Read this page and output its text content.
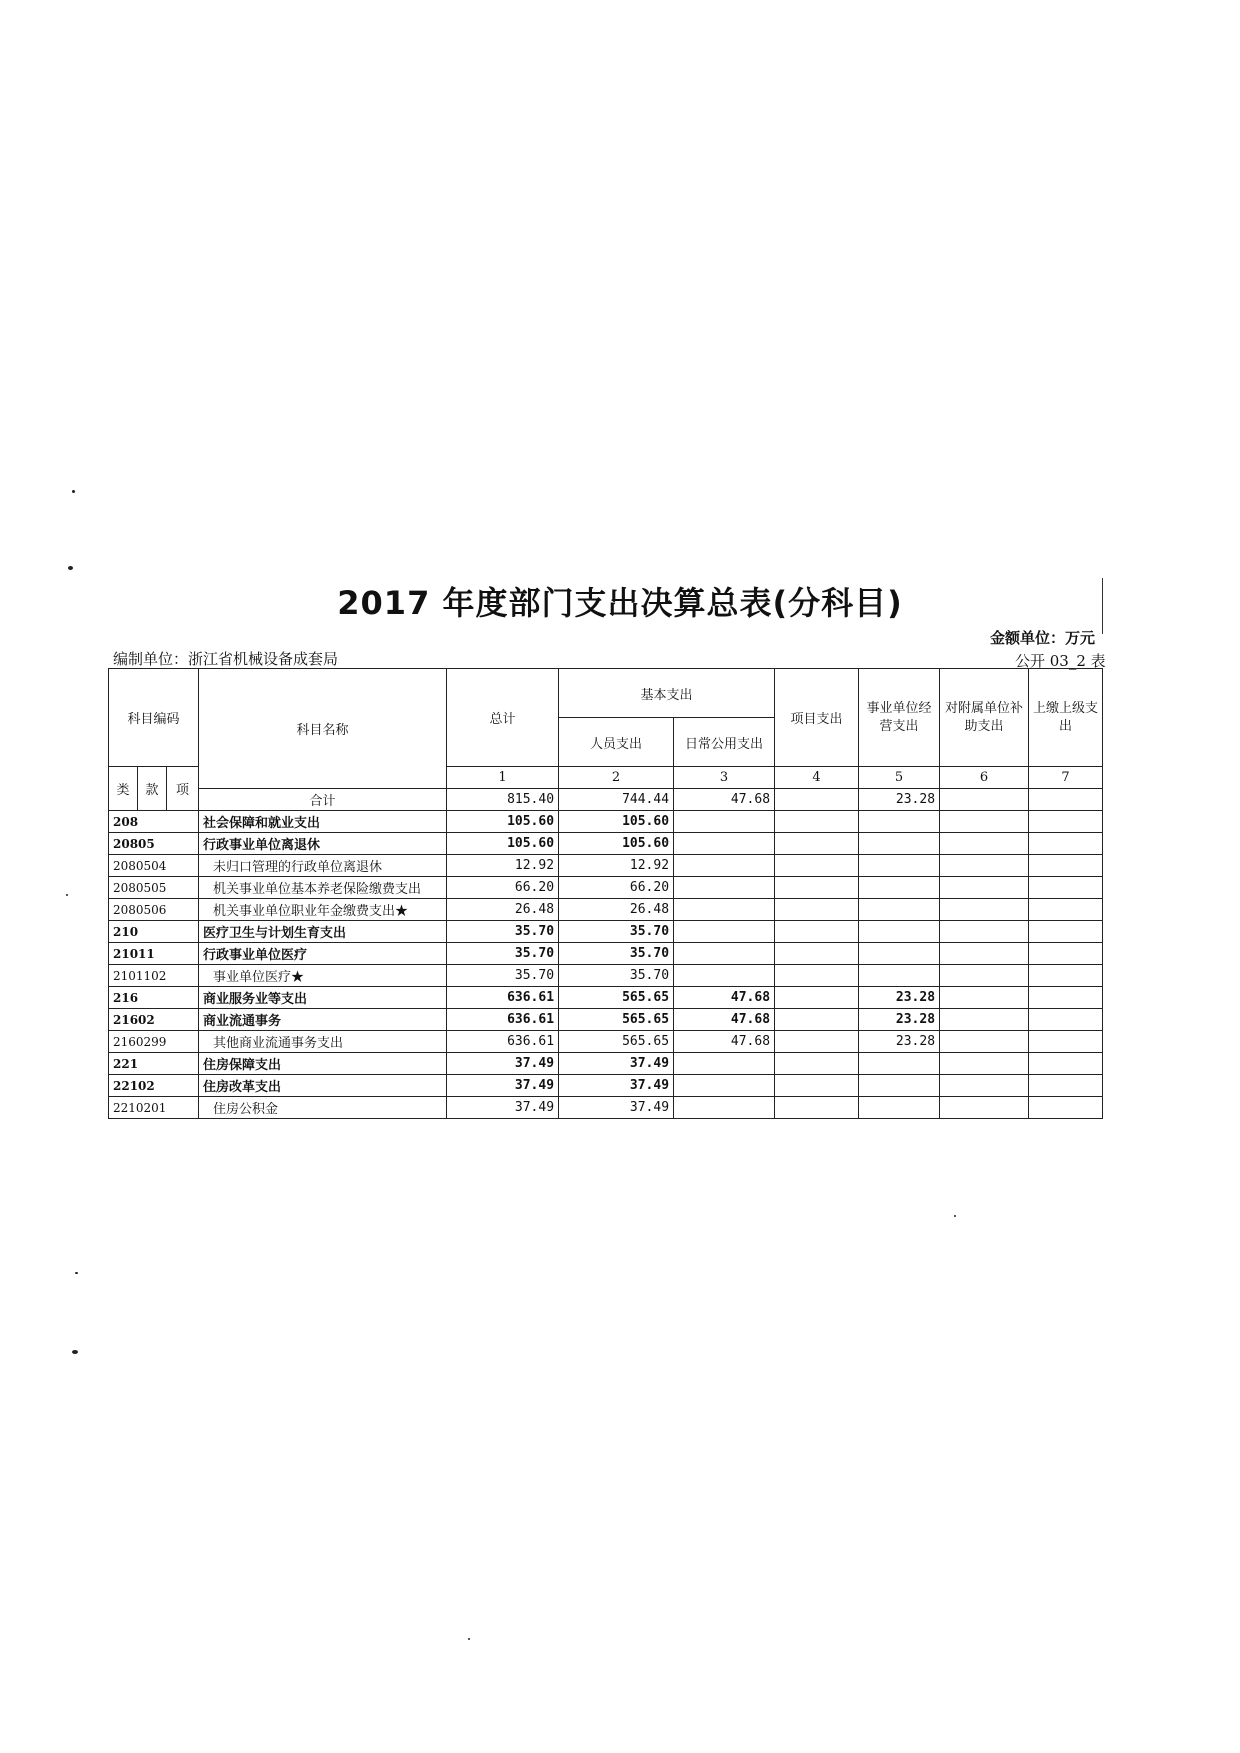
2017 年度部门支出决算总表(分科目)
金额单位：万元
编制单位：浙江省机械设备成套局	公开 03_2 表
科目编码			科目名称	总计	基本支出		项目支出	事业单位经营支出	对附属单位补助支出	上缴上级支出
					人员支出	日常公用支出				
类	款	项		1	2	3	4	5	6	7
			合计	815.40	744.44	47.68		23.28		
208			社会保障和就业支出	105.60	105.60					
20805			行政事业单位离退休	105.60	105.60					
2080504			未归口管理的行政单位离退休	12.92	12.92					
2080505			机关事业单位基本养老保险缴费支出	66.20	66.20					
2080506			机关事业单位职业年金缴费支出★	26.48	26.48					
210			医疗卫生与计划生育支出	35.70	35.70					
21011			行政事业单位医疗	35.70	35.70					
2101102			事业单位医疗★	35.70	35.70					
216			商业服务业等支出	636.61	565.65	47.68		23.28		
21602			商业流通事务	636.61	565.65	47.68		23.28		
2160299			其他商业流通事务支出	636.61	565.65	47.68		23.28		
221			住房保障支出	37.49	37.49					
22102			住房改革支出	37.49	37.49					
2210201			住房公积金	37.49	37.49					
